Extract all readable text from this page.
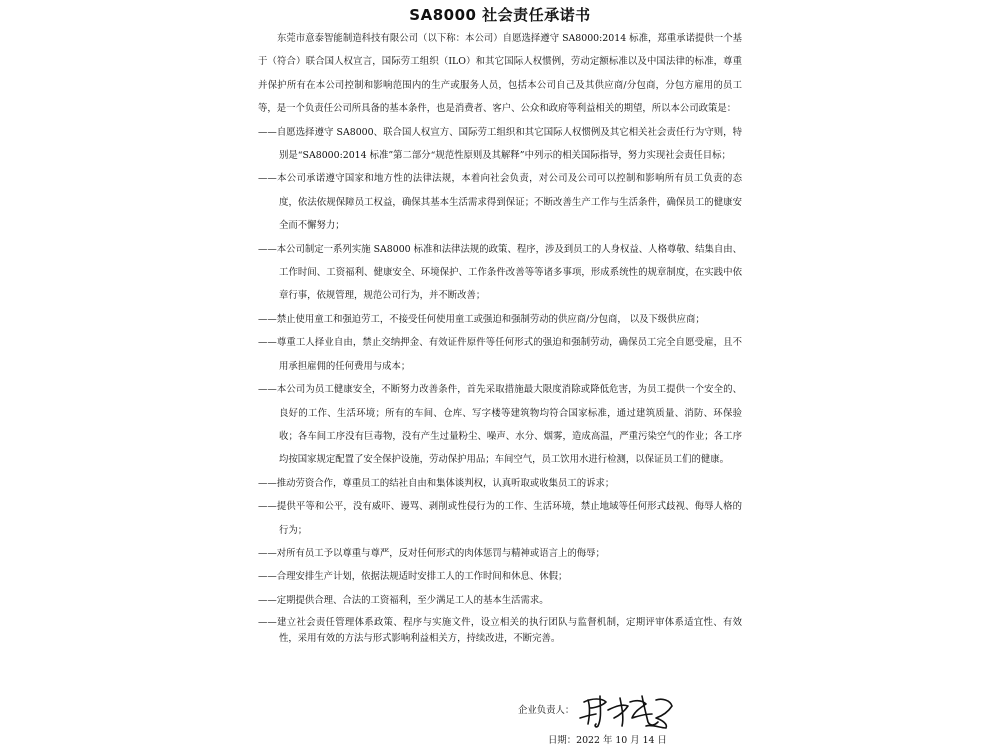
SA8000 社会责任承诺书

东莞市意泰智能制造科技有限公司（以下称：本公司）自愿选择遵守 SA8000:2014 标准，郑重承诺提供一个基于（符合）联合国人权宣言，国际劳工组织（ILO）和其它国际人权惯例，劳动定额标准以及中国法律的标准，尊重并保护所有在本公司控制和影响范围内的生产或服务人员，包括本公司自己及其供应商/分包商，分包方雇用的员工等，是一个负责任公司所具备的基本条件，也是消费者、客户、公众和政府等利益相关的期望，所以本公司政策是：

——自愿选择遵守 SA8000、联合国人权宣方、国际劳工组织和其它国际人权惯例及其它相关社会责任行为守则，特别是“SA8000:2014 标准”第二部分“规范性原则及其解释”中列示的相关国际指导，努力实现社会责任目标；

——本公司承诺遵守国家和地方性的法律法规，本着向社会负责，对公司及公司可以控制和影响所有员工负责的态度，依法依规保障员工权益，确保其基本生活需求得到保证；不断改善生产工作与生活条件，确保员工的健康安全而不懈努力；

——本公司制定一系列实施 SA8000 标准和法律法规的政策、程序，涉及到员工的人身权益、人格尊敬、结集自由、工作时间、工资福利、健康安全、环境保护、工作条件改善等等诸多事项，形成系统性的规章制度，在实践中依章行事，依规管理，规范公司行为，并不断改善；

——禁止使用童工和强迫劳工，不接受任何使用童工或强迫和强制劳动的供应商/分包商， 以及下级供应商；

——尊重工人择业自由，禁止交纳押金、有效证件原件等任何形式的强迫和强制劳动，确保员工完全自愿受雇，且不用承担雇佣的任何费用与成本；

——本公司为员工健康安全，不断努力改善条件，首先采取措施最大限度消除或降低危害，为员工提供一个安全的、良好的工作、生活环境；所有的车间、仓库、写字楼等建筑物均符合国家标准，通过建筑质量、消防、环保验收；各车间工序没有巨毒物，没有产生过量粉尘、噪声、水分、烟雾，造成高温，严重污染空气的作业；各工序均按国家规定配置了安全保护设施，劳动保护用品；车间空气，员工饮用水进行检测，以保证员工们的健康。

——推动劳资合作，尊重员工的结社自由和集体谈判权，认真听取或收集员工的诉求；

——提供平等和公平，没有威吓、谩骂、剥削或性侵行为的工作、生活环境，禁止地域等任何形式歧视、侮辱人格的行为；

——对所有员工予以尊重与尊严，反对任何形式的肉体惩罚与精神或语言上的侮辱；

——合理安排生产计划，依据法规适时安排工人的工作时间和休息、休假；

——定期提供合理、合法的工资福利，至少满足工人的基本生活需求。

——建立社会责任管理体系政策、程序与实施文件，设立相关的执行团队与监督机制，定期评审体系适宜性、有效性，采用有效的方法与形式影响利益相关方，持续改进，不断完善。

企业负责人：
日期：2022 年 10 月 14 日
